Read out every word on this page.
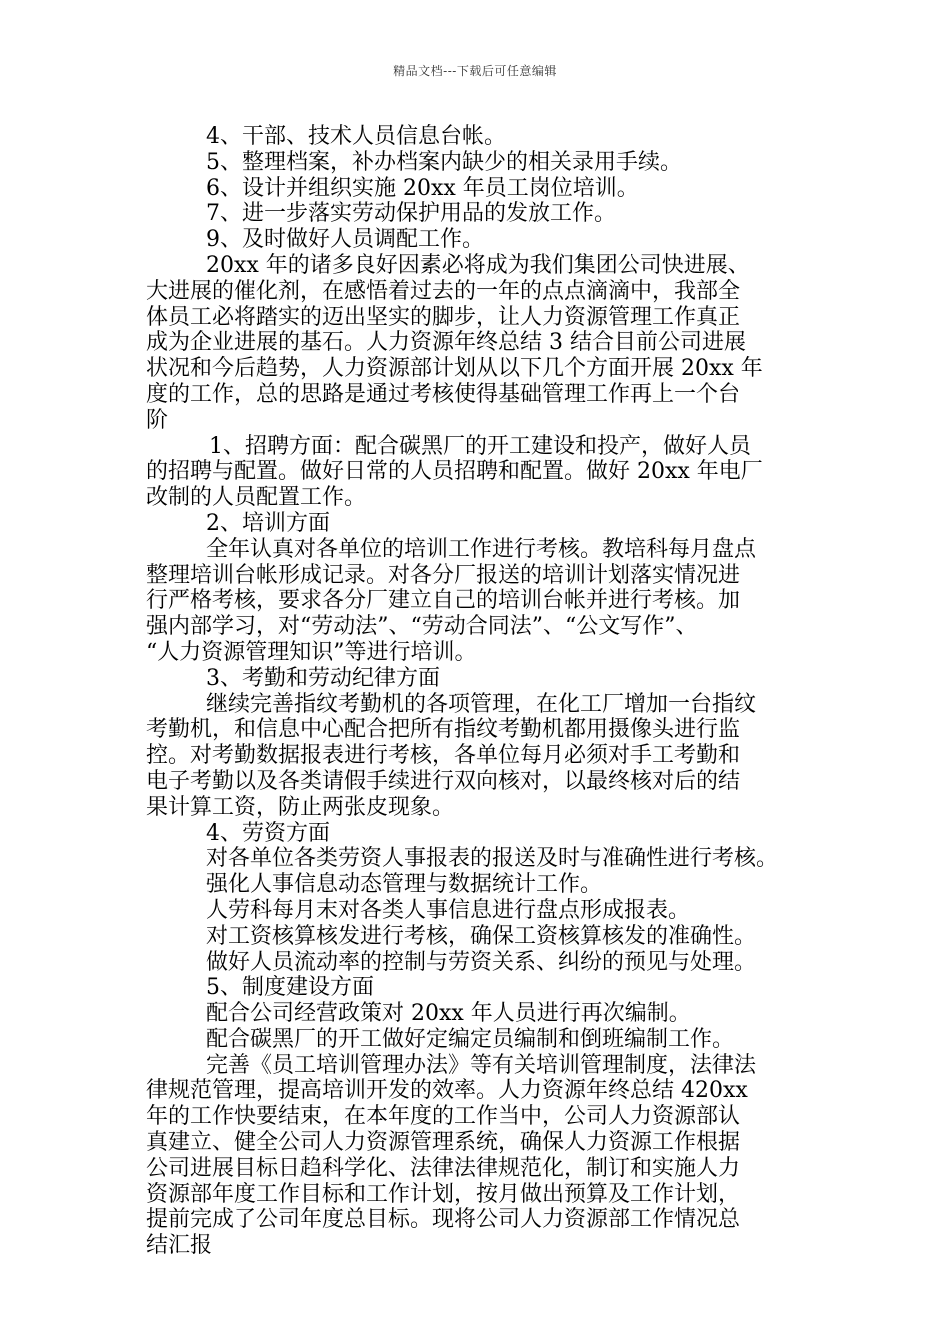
精品文档---下载后可任意编辑
4、干部、技术人员信息台帐。
5、整理档案，补办档案内缺少的相关录用手续。
6、设计并组织实施 20xx 年员工岗位培训。
7、进一步落实劳动保护用品的发放工作。
9、及时做好人员调配工作。
20xx 年的诸多良好因素必将成为我们集团公司快进展、
大进展的催化剂，在感悟着过去的一年的点点滴滴中，我部全
体员工必将踏实的迈出坚实的脚步，让人力资源管理工作真正
成为企业进展的基石。人力资源年终总结 3 结合目前公司进展
状况和今后趋势，人力资源部计划从以下几个方面开展 20xx 年
度的工作，总的思路是通过考核使得基础管理工作再上一个台
阶
1、招聘方面：配合碳黑厂的开工建设和投产，做好人员
的招聘与配置。做好日常的人员招聘和配置。做好 20xx 年电厂
改制的人员配置工作。
2、培训方面
全年认真对各单位的培训工作进行考核。教培科每月盘点
整理培训台帐形成记录。对各分厂报送的培训计划落实情况进
行严格考核，要求各分厂建立自己的培训台帐并进行考核。加
强内部学习，对“劳动法”、“劳动合同法”、“公文写作”、
“人力资源管理知识”等进行培训。
3、考勤和劳动纪律方面
继续完善指纹考勤机的各项管理，在化工厂增加一台指纹
考勤机，和信息中心配合把所有指纹考勤机都用摄像头进行监
控。对考勤数据报表进行考核，各单位每月必须对手工考勤和
电子考勤以及各类请假手续进行双向核对，以最终核对后的结
果计算工资，防止两张皮现象。
4、劳资方面
对各单位各类劳资人事报表的报送及时与准确性进行考核。
强化人事信息动态管理与数据统计工作。
人劳科每月末对各类人事信息进行盘点形成报表。
对工资核算核发进行考核，确保工资核算核发的准确性。
做好人员流动率的控制与劳资关系、纠纷的预见与处理。
5、制度建设方面
配合公司经营政策对 20xx 年人员进行再次编制。
配合碳黑厂的开工做好定编定员编制和倒班编制工作。
完善《员工培训管理办法》等有关培训管理制度，法律法
律规范管理，提高培训开发的效率。人力资源年终总结 420xx
年的工作快要结束，在本年度的工作当中，公司人力资源部认
真建立、健全公司人力资源管理系统，确保人力资源工作根据
公司进展目标日趋科学化、法律法律规范化，制订和实施人力
资源部年度工作目标和工作计划，按月做出预算及工作计划，
提前完成了公司年度总目标。现将公司人力资源部工作情况总
结汇报
